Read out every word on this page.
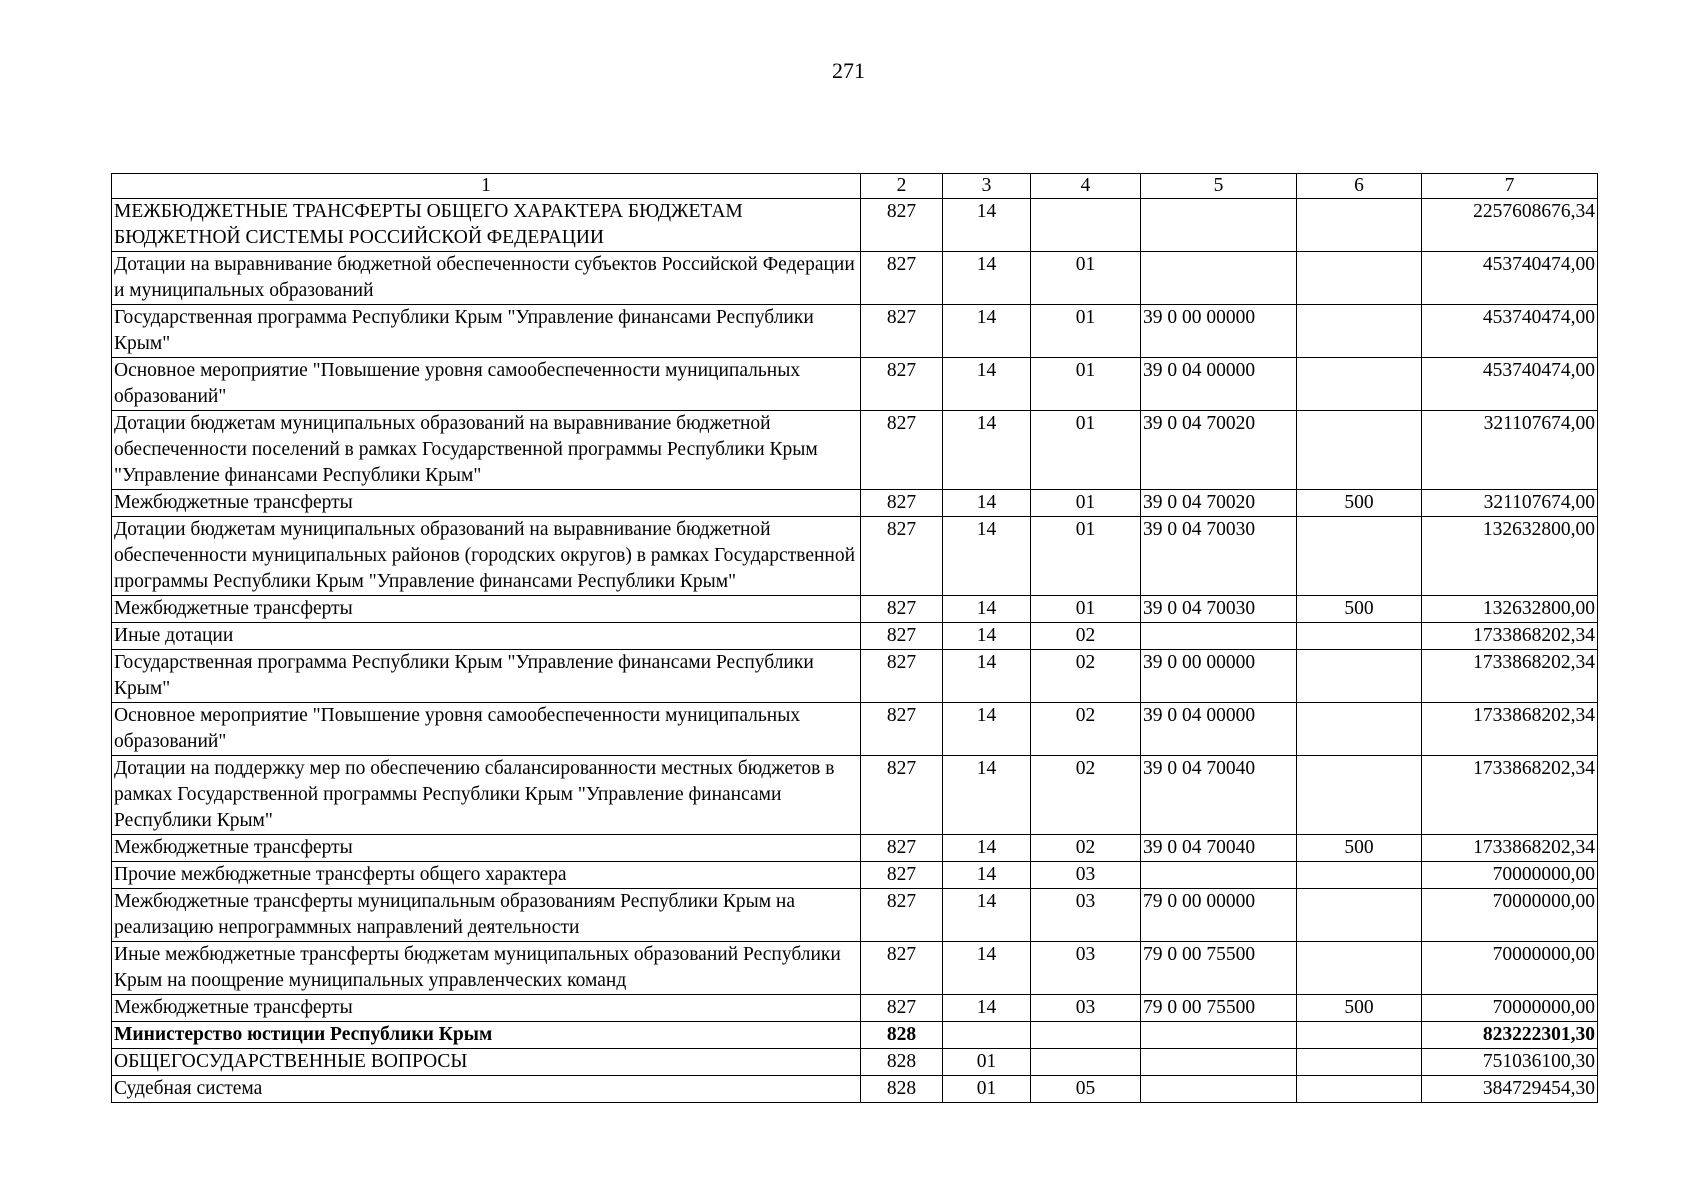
271
1	2	3	4	5	6	7
МЕЖБЮДЖЕТНЫЕ ТРАНСФЕРТЫ ОБЩЕГО ХАРАКТЕРА БЮДЖЕТАМ БЮДЖЕТНОЙ СИСТЕМЫ РОССИЙСКОЙ ФЕДЕРАЦИИ	827	14				2257608676,34
Дотации на выравнивание бюджетной обеспеченности субъектов Российской Федерации и муниципальных образований	827	14	01			453740474,00
Государственная программа Республики Крым "Управление финансами Республики Крым"	827	14	01	39 0 00 00000		453740474,00
Основное мероприятие "Повышение уровня самообеспеченности муниципальных образований"	827	14	01	39 0 04 00000		453740474,00
Дотации бюджетам муниципальных образований на выравнивание бюджетной обеспеченности поселений в рамках Государственной программы Республики Крым "Управление финансами Республики Крым"	827	14	01	39 0 04 70020		321107674,00
Межбюджетные трансферты	827	14	01	39 0 04 70020	500	321107674,00
Дотации бюджетам муниципальных образований на выравнивание бюджетной обеспеченности муниципальных районов (городских округов) в рамках Государственной программы Республики Крым "Управление финансами Республики Крым"	827	14	01	39 0 04 70030		132632800,00
Межбюджетные трансферты	827	14	01	39 0 04 70030	500	132632800,00
Иные дотации	827	14	02			1733868202,34
Государственная программа Республики Крым "Управление финансами Республики Крым"	827	14	02	39 0 00 00000		1733868202,34
Основное мероприятие "Повышение уровня самообеспеченности муниципальных образований"	827	14	02	39 0 04 00000		1733868202,34
Дотации на поддержку мер по обеспечению сбалансированности местных бюджетов в рамках Государственной программы Республики Крым "Управление финансами Республики Крым"	827	14	02	39 0 04 70040		1733868202,34
Межбюджетные трансферты	827	14	02	39 0 04 70040	500	1733868202,34
Прочие межбюджетные трансферты общего характера	827	14	03			70000000,00
Межбюджетные трансферты муниципальным образованиям Республики Крым на реализацию непрограммных направлений деятельности	827	14	03	79 0 00 00000		70000000,00
Иные межбюджетные трансферты бюджетам муниципальных образований Республики Крым на поощрение муниципальных управленческих команд	827	14	03	79 0 00 75500		70000000,00
Межбюджетные трансферты	827	14	03	79 0 00 75500	500	70000000,00
Министерство юстиции Республики Крым	828					823222301,30
ОБЩЕГОСУДАРСТВЕННЫЕ ВОПРОСЫ	828	01				751036100,30
Судебная система	828	01	05			384729454,30
